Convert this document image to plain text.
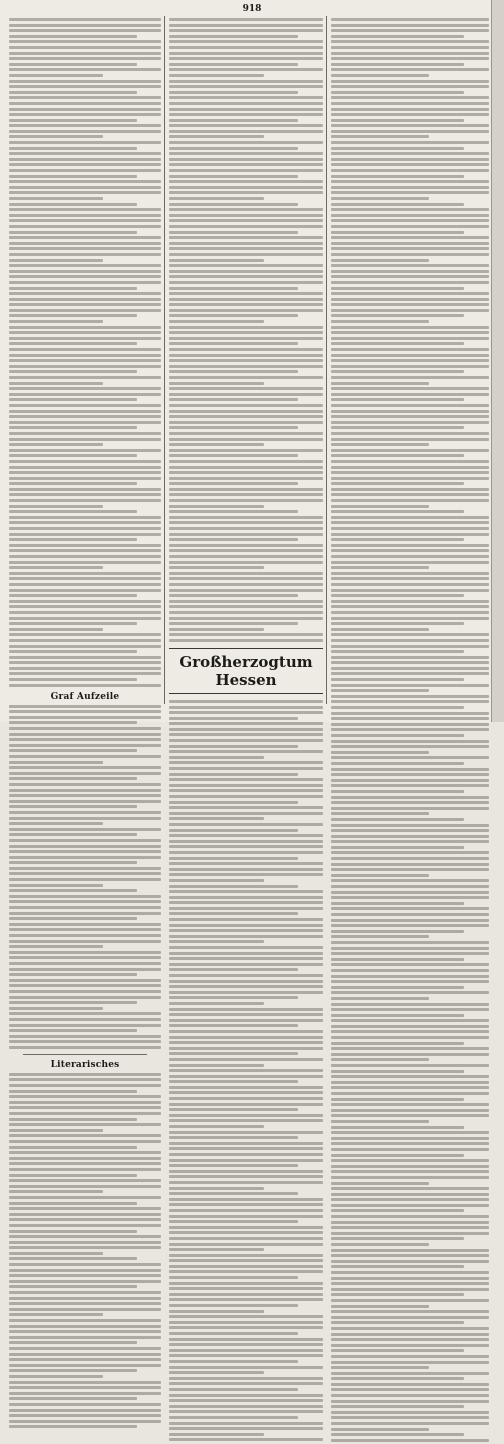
918

Graf Aufzeile
Literarisches
Großherzogtum Hessen
